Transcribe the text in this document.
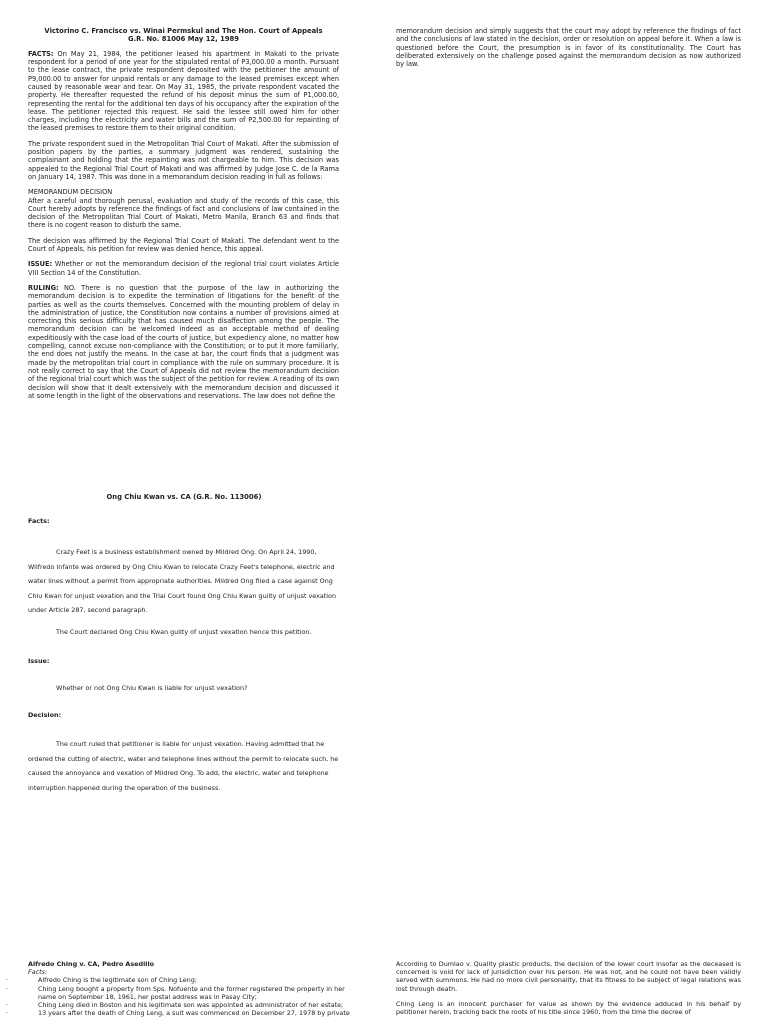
Victorino C. Francisco vs. Winai Permskul and The Hon. Court of Appeals
G.R. No. 81006 May 12, 1989

FACTS: On May 21, 1984, the petitioner leased his apartment in Makati to the private respondent for a period of one year for the stipulated rental of P3,000.00 a month. Pursuant to the lease contract, the private respondent deposited with the petitioner the amount of P9,000.00 to answer for unpaid rentals or any damage to the leased premises except when caused by reasonable wear and tear. On May 31, 1985, the private respondent vacated the property. He thereafter requested the refund of his deposit minus the sum of P1,000.00, representing the rental for the additional ten days of his occupancy after the expiration of the lease. The petitioner rejected this request. He said the lessee still owed him for other charges, including the electricity and water bills and the sum of P2,500.00 for repainting of the leased premises to restore them to their original condition.

The private respondent sued in the Metropolitan Trial Court of Makati. After the submission of position papers by the parties, a summary judgment was rendered, sustaining the complainant and holding that the repainting was not chargeable to him. This decision was appealed to the Regional Trial Court of Makati and was affirmed by Judge Jose C. de la Rama on January 14, 1987. This was done in a memorandum decision reading in full as follows:

MEMORANDUM DECISION

After a careful and thorough perusal, evaluation and study of the records of this case, this Court hereby adopts by reference the findings of fact and conclusions of law contained in the decision of the Metropolitan Trial Court of Makati, Metro Manila, Branch 63 and finds that there is no cogent reason to disturb the same.

The decision was affirmed by the Regional Trial Court of Makati. The defendant went to the Court of Appeals, his petition for review was denied hence, this appeal.

ISSUE: Whether or not the memorandum decision of the regional trial court violates Article VIII Section 14 of the Constitution.

RULING: NO. There is no question that the purpose of the law in authorizing the memorandum decision is to expedite the termination of litigations for the benefit of the parties as well as the courts themselves. Concerned with the mounting problem of delay in the administration of justice, the Constitution now contains a number of provisions aimed at correcting this serious difficulty that has caused much disaffection among the people. The memorandum decision can be welcomed indeed as an acceptable method of dealing expeditiously with the case load of the courts of justice, but expediency alone, no matter how compelling, cannot excuse non-compliance with the Constitution; or to put it more familiarly, the end does not justify the means. In the case at bar, the court finds that a judgment was made by the metropolitan trial court in compliance with the rule on summary procedure. It is not really correct to say that the Court of Appeals did not review the memorandum decision of the regional trial court which was the subject of the petition for review. A reading of its own decision will show that it dealt extensively with the memorandum decision and discussed it at some length in the light of the observations and reservations. The law does not define the

memorandum decision and simply suggests that the court may adopt by reference the findings of fact and the conclusions of law stated in the decision, order or resolution on appeal before it. When a law is questioned before the Court, the presumption is in favor of its constitutionality. The Court has deliberated extensively on the challenge posed against the memorandum decision as now authorized by law.

Ong Chiu Kwan vs. CA (G.R. No. 113006)
Facts:
Crazy Feet is a business establishment owned by Mildred Ong. On April 24, 1990, Wilfredo Infante was ordered by Ong Chiu Kwan to relocate Crazy Feet's telephone, electric and water lines without a permit from appropriate authorities. Mildred Ong filed a case against Ong Chiu Kwan for unjust vexation and the Trial Court found Ong Chiu Kwan guilty of unjust vexation under Article 287, second paragraph.
The Court declared Ong Chiu Kwan guilty of unjust vexation hence this petition.
Issue:
Whether or not Ong Chiu Kwan is liable for unjust vexation?
Decision:
The court ruled that petitioner is liable for unjust vexation. Having admitted that he ordered the cutting of electric, water and telephone lines without the permit to relocate such, he caused the annoyance and vexation of Mildred Ong. To add, the electric, water and telephone interruption happened during the operation of the business.
Alfredo Ching v. CA, Pedro Asedillo
Facts:
·	Alfredo Ching is the legitimate son of Ching Leng;
·	Ching Leng bought a property from Sps. Nofuente and the former registered the property in her name on September 18, 1961, her postal address was in Pasay City;
·	Ching Leng died in Boston and his legitimate son was appointed as administrator of her estate;
·	13 years after the death of Ching Leng, a suit was commenced on December 27, 1978 by private

According to Dumlao v. Quality plastic products, the decision of the lower court insofar as the deceased is concerned is void for lack of jurisdiction over his person. He was not, and he could not have been validly served with summons. He had no more civil personality, that its fitness to be subject of legal relations was lost through death.

Ching Leng is an innocent purchaser for value as shown by the evidence adduced in his behalf by petitioner herein, tracking back the roots of his title since 1960, from the time the decree of
